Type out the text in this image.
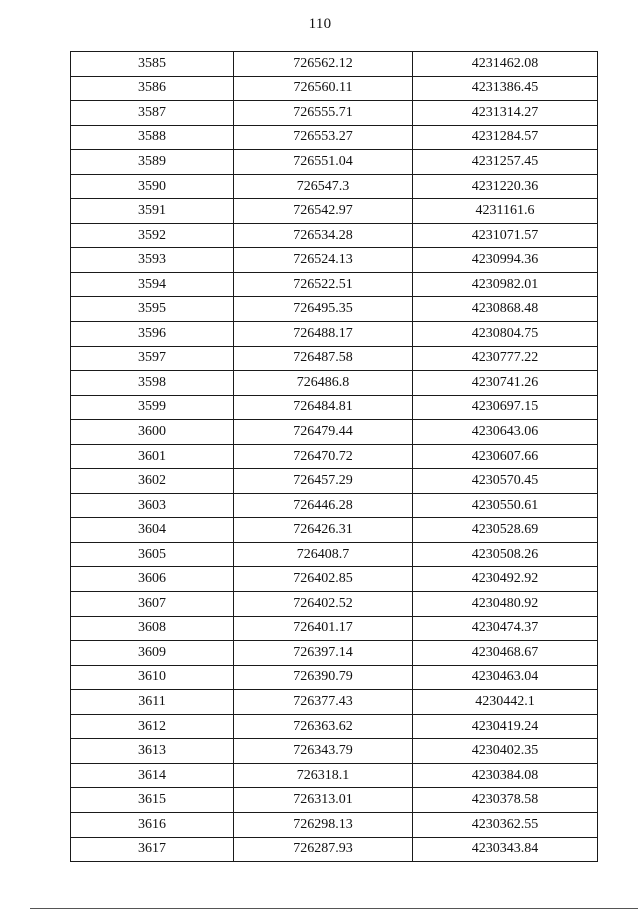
110
3585	726562.12	4231462.08
3586	726560.11	4231386.45
3587	726555.71	4231314.27
3588	726553.27	4231284.57
3589	726551.04	4231257.45
3590	726547.3	4231220.36
3591	726542.97	4231161.6
3592	726534.28	4231071.57
3593	726524.13	4230994.36
3594	726522.51	4230982.01
3595	726495.35	4230868.48
3596	726488.17	4230804.75
3597	726487.58	4230777.22
3598	726486.8	4230741.26
3599	726484.81	4230697.15
3600	726479.44	4230643.06
3601	726470.72	4230607.66
3602	726457.29	4230570.45
3603	726446.28	4230550.61
3604	726426.31	4230528.69
3605	726408.7	4230508.26
3606	726402.85	4230492.92
3607	726402.52	4230480.92
3608	726401.17	4230474.37
3609	726397.14	4230468.67
3610	726390.79	4230463.04
3611	726377.43	4230442.1
3612	726363.62	4230419.24
3613	726343.79	4230402.35
3614	726318.1	4230384.08
3615	726313.01	4230378.58
3616	726298.13	4230362.55
3617	726287.93	4230343.84
